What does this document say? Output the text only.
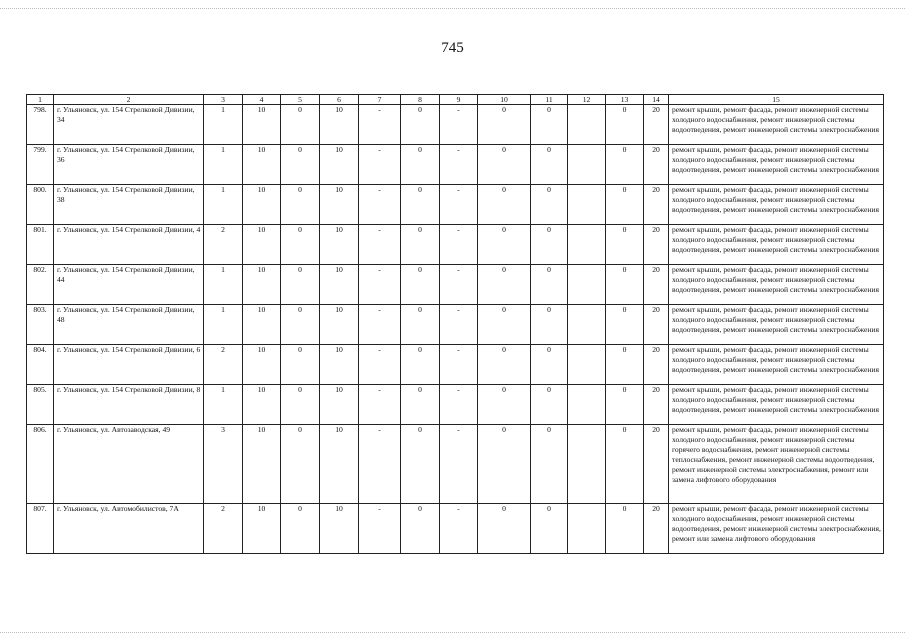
745
1	2	3	4	5	6	7	8	9	10	11	12	13	14	15
798.	г. Ульяновск, ул. 154 Стрелковой Дивизии, 34	1	10	0	10	-	0	-	0	0		0	20	ремонт крыши, ремонт фасада, ремонт инженерной системы холодного водоснабжения, ремонт инженерной системы водоотведения, ремонт инженерной системы электроснабжения
799.	г. Ульяновск, ул. 154 Стрелковой Дивизии, 36	1	10	0	10	-	0	-	0	0		0	20	ремонт крыши, ремонт фасада, ремонт инженерной системы холодного водоснабжения, ремонт инженерной системы водоотведения, ремонт инженерной системы электроснабжения
800.	г. Ульяновск, ул. 154 Стрелковой Дивизии, 38	1	10	0	10	-	0	-	0	0		0	20	ремонт крыши, ремонт фасада, ремонт инженерной системы холодного водоснабжения, ремонт инженерной системы водоотведения, ремонт инженерной системы электроснабжения
801.	г. Ульяновск, ул. 154 Стрелковой Дивизии, 4	2	10	0	10	-	0	-	0	0		0	20	ремонт крыши, ремонт фасада, ремонт инженерной системы холодного водоснабжения, ремонт инженерной системы водоотведения, ремонт инженерной системы электроснабжения
802.	г. Ульяновск, ул. 154 Стрелковой Дивизии, 44	1	10	0	10	-	0	-	0	0		0	20	ремонт крыши, ремонт фасада, ремонт инженерной системы холодного водоснабжения, ремонт инженерной системы водоотведения, ремонт инженерной системы электроснабжения
803.	г. Ульяновск, ул. 154 Стрелковой Дивизии, 48	1	10	0	10	-	0	-	0	0		0	20	ремонт крыши, ремонт фасада, ремонт инженерной системы холодного водоснабжения, ремонт инженерной системы водоотведения, ремонт инженерной системы электроснабжения
804.	г. Ульяновск, ул. 154 Стрелковой Дивизии, 6	2	10	0	10	-	0	-	0	0		0	20	ремонт крыши, ремонт фасада, ремонт инженерной системы холодного водоснабжения, ремонт инженерной системы водоотведения, ремонт инженерной системы электроснабжения
805.	г. Ульяновск, ул. 154 Стрелковой Дивизии, 8	1	10	0	10	-	0	-	0	0		0	20	ремонт крыши, ремонт фасада, ремонт инженерной системы холодного водоснабжения, ремонт инженерной системы водоотведения, ремонт инженерной системы электроснабжения
806.	г. Ульяновск, ул. Автозаводская, 49	3	10	0	10	-	0	-	0	0		0	20	ремонт крыши, ремонт фасада, ремонт инженерной системы холодного водоснабжения, ремонт инженерной системы горячего водоснабжения, ремонт инженерной системы теплоснабжения, ремонт инженерной системы водоотведения, ремонт инженерной системы электроснабжения, ремонт или замена лифтового оборудования
807.	г. Ульяновск, ул. Автомобилистов, 7А	2	10	0	10	-	0	-	0	0		0	20	ремонт крыши, ремонт фасада, ремонт инженерной системы холодного водоснабжения, ремонт инженерной системы водоотведения, ремонт инженерной системы электроснабжения, ремонт или замена лифтового оборудования
